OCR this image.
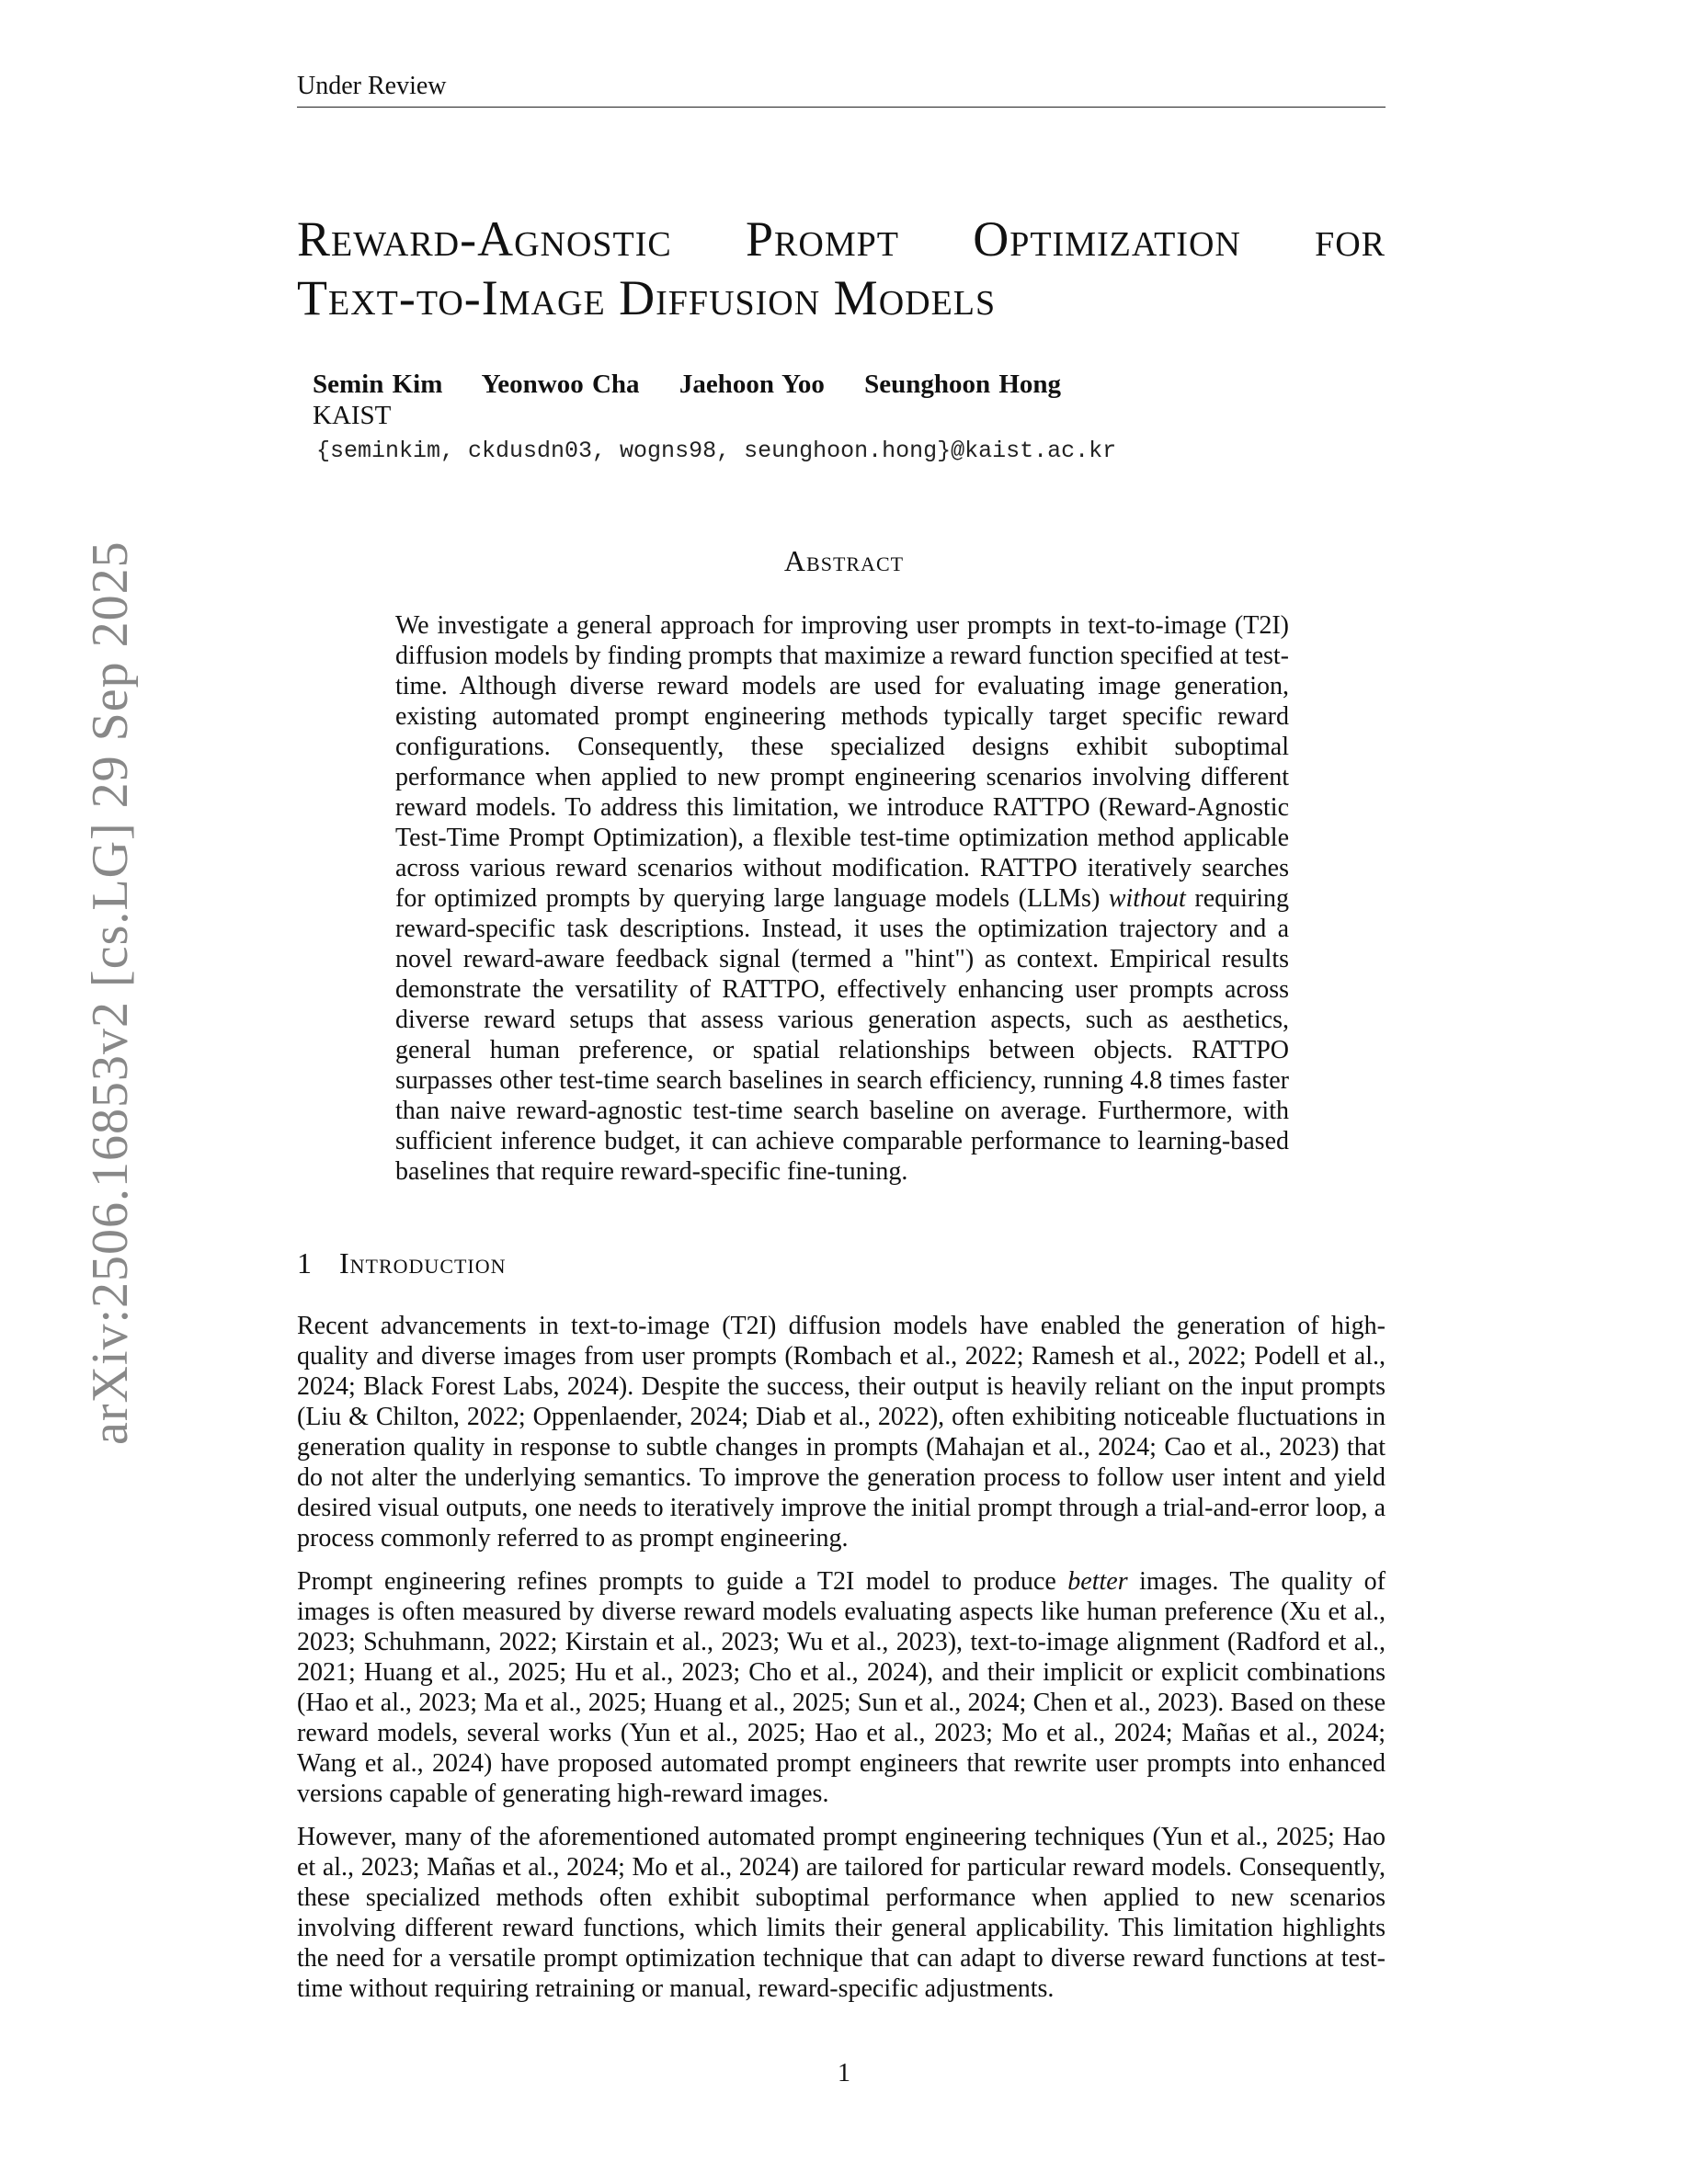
Under Review
Reward-Agnostic Prompt Optimization for
Text-to-Image Diffusion Models
Semin Kim Yeonwoo Cha Jaehoon Yoo Seunghoon Hong
KAIST
{seminkim, ckdusdn03, wogns98, seunghoon.hong}@kaist.ac.kr
Abstract

We investigate a general approach for improving user prompts in text-to-image (T2I) diffusion models by finding prompts that maximize a reward function specified at test-time. Although diverse reward models are used for evaluating image generation, existing automated prompt engineering methods typically target specific reward configurations. Consequently, these specialized designs exhibit suboptimal performance when applied to new prompt engineering scenarios involving different reward models. To address this limitation, we introduce RATTPO (Reward-Agnostic Test-Time Prompt Optimization), a flexible test-time optimization method applicable across various reward scenarios without modification. RATTPO iteratively searches for optimized prompts by querying large language models (LLMs) without requiring reward-specific task descriptions. Instead, it uses the optimization trajectory and a novel reward-aware feedback signal (termed a "hint") as context. Empirical results demonstrate the versatility of RATTPO, effectively enhancing user prompts across diverse reward setups that assess various generation aspects, such as aesthetics, general human preference, or spatial relationships between objects. RATTPO surpasses other test-time search baselines in search efficiency, running 4.8 times faster than naive reward-agnostic test-time search baseline on average. Furthermore, with sufficient inference budget, it can achieve comparable performance to learning-based baselines that require reward-specific fine-tuning.

1 Introduction

Recent advancements in text-to-image (T2I) diffusion models have enabled the generation of high-quality and diverse images from user prompts (Rombach et al., 2022; Ramesh et al., 2022; Podell et al., 2024; Black Forest Labs, 2024). Despite the success, their output is heavily reliant on the input prompts (Liu & Chilton, 2022; Oppenlaender, 2024; Diab et al., 2022), often exhibiting noticeable fluctuations in generation quality in response to subtle changes in prompts (Mahajan et al., 2024; Cao et al., 2023) that do not alter the underlying semantics. To improve the generation process to follow user intent and yield desired visual outputs, one needs to iteratively improve the initial prompt through a trial-and-error loop, a process commonly referred to as prompt engineering.

Prompt engineering refines prompts to guide a T2I model to produce better images. The quality of images is often measured by diverse reward models evaluating aspects like human preference (Xu et al., 2023; Schuhmann, 2022; Kirstain et al., 2023; Wu et al., 2023), text-to-image alignment (Radford et al., 2021; Huang et al., 2025; Hu et al., 2023; Cho et al., 2024), and their implicit or explicit combinations (Hao et al., 2023; Ma et al., 2025; Huang et al., 2025; Sun et al., 2024; Chen et al., 2023). Based on these reward models, several works (Yun et al., 2025; Hao et al., 2023; Mo et al., 2024; Mañas et al., 2024; Wang et al., 2024) have proposed automated prompt engineers that rewrite user prompts into enhanced versions capable of generating high-reward images.

However, many of the aforementioned automated prompt engineering techniques (Yun et al., 2025; Hao et al., 2023; Mañas et al., 2024; Mo et al., 2024) are tailored for particular reward models. Consequently, these specialized methods often exhibit suboptimal performance when applied to new scenarios involving different reward functions, which limits their general applicability. This limitation highlights the need for a versatile prompt optimization technique that can adapt to diverse reward functions at test-time without requiring retraining or manual, reward-specific adjustments.

1
arXiv:2506.16853v2 [cs.LG] 29 Sep 2025
